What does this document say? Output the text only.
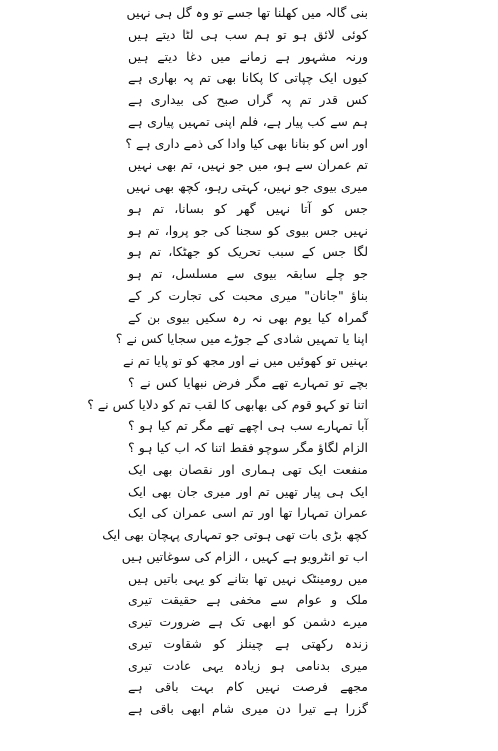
بنی گالہ میں کھلنا تھا جسے تو وہ گل ہی نہیں
کوئی لائق ہو تو ہم سب ہی لٹا دیتے ہیں
ورنہ مشہور ہے زمانے میں دغا دیتے ہیں
کیوں ایک چپاتی کا پکانا بھی تم پہ بھاری ہے
کس قدر تم پہ گراں صبح کی بیداری ہے
ہم سے کب پیار ہے، فلم اپنی تمہیں پیاری ہے
اور اس کو بنانا بھی کیا وادا کی ذمے داری ہے ؟
تم عمران سے ہو، میں جو نہیں، تم بھی نہیں
میری بیوی جو نہیں، کہتی رہو، کچھ بھی نہیں
جس کو آتا نہیں گھر کو بسانا، تم ہو
نہیں جس بیوی کو سجنا کی جو پروا، تم ہو
لگا جس کے سبب تحریک کو جھٹکا، تم ہو
جو چلے سابقہ بیوی سے مسلسل، تم ہو
بناؤ "جانان" میری محبت کی تجارت کر کے
گمراہ کیا یوم بھی نہ رہ سکیں بیوی بن کے
اپنا یا تمہیں شادی کے جوڑے میں سجایا کس نے ؟
بہنیں تو کھوئیں میں نے اور مجھ کو تو پایا تم نے
بچے تو تمہارے تھے مگر فرض نبھایا کس نے ؟
اتنا تو کہو قوم کی بھابھی کا لقب تم کو دلایا کس نے ؟
آبا تمہارے سب ہی اچھے تھے مگر تم کیا ہو ؟
الزام لگاؤ مگر سوچو فقط اتنا کہ اب کیا ہو ؟
منفعت ایک تھی ہماری اور نقصان بھی ایک
ایک ہی پیار تھیں تم اور میری جان بھی ایک
عمران تمہارا تھا اور تم اسی عمران کی ایک
کچھ بڑی بات تھی ہوتی جو تمہاری پہچان بھی ایک
اب تو انٹرویو ہے کہیں ، الزام کی سوغاتیں ہیں
میں رومینٹک نہیں تھا بتانے کو یہی باتیں ہیں
ملک و عوام سے مخفی ہے حقیقت تیری
میرے دشمن کو ابھی تک ہے ضرورت تیری
زندہ رکھتی ہے چینلز کو شقاوت تیری
میری بدنامی ہو زیادہ یہی عادت تیری
مجھے فرصت نہیں کام بہت باقی ہے
گزرا ہے تیرا دن میری شام ابھی باقی ہے
